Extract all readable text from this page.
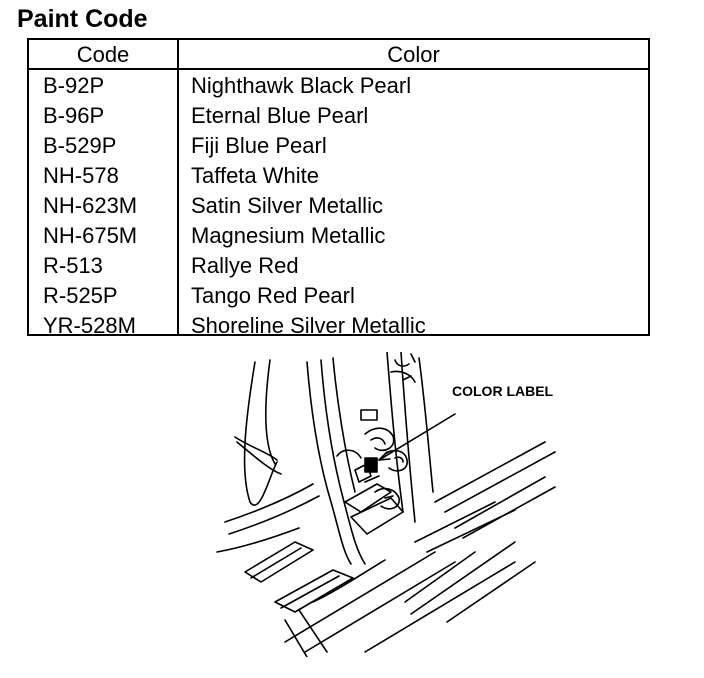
Paint Code
Code	Color
B-92P	Nighthawk Black Pearl
B-96P	Eternal Blue Pearl
B-529P	Fiji Blue Pearl
NH-578	Taffeta White
NH-623M Satin Silver Metallic
NH-675M Magnesium Metallic
R-513	Rallye Red
R-525P	Tango Red Pearl
YR-528M	Shoreline Silver Metallic
COLOR LABEL
